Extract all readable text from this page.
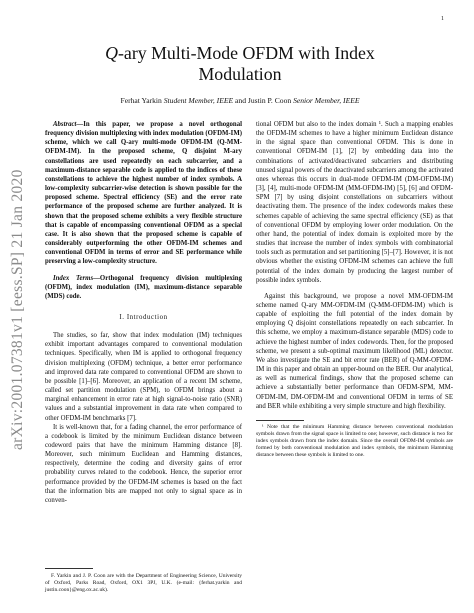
1
arXiv:2001.07381v1 [eess.SP] 21 Jan 2020
Q-ary Multi-Mode OFDM with Index
Modulation
Ferhat Yarkin Student Member, IEEE and Justin P. Coon Senior Member, IEEE

Abstract—In this paper, we propose a novel orthogonal frequency division multiplexing with index modulation (OFDM-IM) scheme, which we call Q-ary multi-mode OFDM-IM (Q-MM-OFDM-IM). In the proposed scheme, Q disjoint M-ary constellations are used repeatedly on each subcarrier, and a maximum-distance separable code is applied to the indices of these constellations to achieve the highest number of index symbols. A low-complexity subcarrier-wise detection is shown possible for the proposed scheme. Spectral efficiency (SE) and the error rate performance of the proposed scheme are further analyzed. It is shown that the proposed scheme exhibits a very flexible structure that is capable of encompassing conventional OFDM as a special case. It is also shown that the proposed scheme is capable of considerably outperforming the other OFDM-IM schemes and conventional OFDM in terms of error and SE performance while preserving a low-complexity structure.

Index Terms—Orthogonal frequency division multiplexing (OFDM), index modulation (IM), maximum-distance separable (MDS) code.

I. Introduction

The studies, so far, show that index modulation (IM) techniques exhibit important advantages compared to conventional modulation techniques. Specifically, when IM is applied to orthogonal frequency division multiplexing (OFDM) technique, a better error performance and improved data rate compared to conventional OFDM are shown to be possible [1]–[6]. Moreover, an application of a recent IM scheme, called set partition modulation (SPM), to OFDM brings about a marginal enhancement in error rate at high signal-to-noise ratio (SNR) values and a substantial improvement in data rate when compared to other OFDM-IM benchmarks [7].

It is well-known that, for a fading channel, the error performance of a codebook is limited by the minimum Euclidean distance between codeword pairs that have the minimum Hamming distance [8]. Moreover, such minimum Euclidean and Hamming distances, respectively, determine the coding and diversity gains of error probability curves related to the codebook. Hence, the superior error performance provided by the OFDM-IM schemes is based on the fact that the information bits are mapped not only to signal space as in conven-

F. Yarkin and J. P. Coon are with the Department of Engineering Science, University of Oxford, Parks Road, Oxford, OX1 3PJ, U.K. (e-mail: {ferhat.yarkin and justin.coon}@eng.ox.ac.uk).

tional OFDM but also to the index domain ¹. Such a mapping enables the OFDM-IM schemes to have a higher minimum Euclidean distance in the signal space than conventional OFDM. This is done in conventional OFDM-IM [1], [2] by embedding data into the combinations of activated/deactivated subcarriers and distributing unused signal powers of the deactivated subcarriers among the activated ones whereas this occurs in dual-mode OFDM-IM (DM-OFDM-IM) [3], [4], multi-mode OFDM-IM (MM-OFDM-IM) [5], [6] and OFDM-SPM [7] by using disjoint constellations on subcarriers without deactivating them. The presence of the index codewords makes these schemes capable of achieving the same spectral efficiency (SE) as that of conventional OFDM by employing lower order modulation. On the other hand, the potential of index domain is exploited more by the studies that increase the number of index symbols with combinatorial tools such as permutation and set partitioning [5]–[7]. However, it is not obvious whether the existing OFDM-IM schemes can achieve the full potential of the index domain by producing the largest number of possible index symbols.

Against this background, we propose a novel MM-OFDM-IM scheme named Q-ary MM-OFDM-IM (Q-MM-OFDM-IM) which is capable of exploiting the full potential of the index domain by employing Q disjoint constellations repeatedly on each subcarrier. In this scheme, we employ a maximum-distance separable (MDS) code to achieve the highest number of index codewords. Then, for the proposed scheme, we present a sub-optimal maximum likelihood (ML) detector. We also investigate the SE and bit error rate (BER) of Q-MM-OFDM-IM in this paper and obtain an upper-bound on the BER. Our analytical, as well as numerical findings, show that the proposed scheme can achieve a substantially better performance than OFDM-SPM, MM-OFDM-IM, DM-OFDM-IM and conventional OFDM in terms of SE and BER while exhibiting a very simple structure and high flexibility.

¹ Note that the minimum Hamming distance between conventional modulation symbols drawn from the signal space is limited to one; however, such distance is two for index symbols drawn from the index domain. Since the overall OFDM-IM symbols are formed by both conventional modulation and index symbols, the minimum Hamming distance between these symbols is limited to one.
